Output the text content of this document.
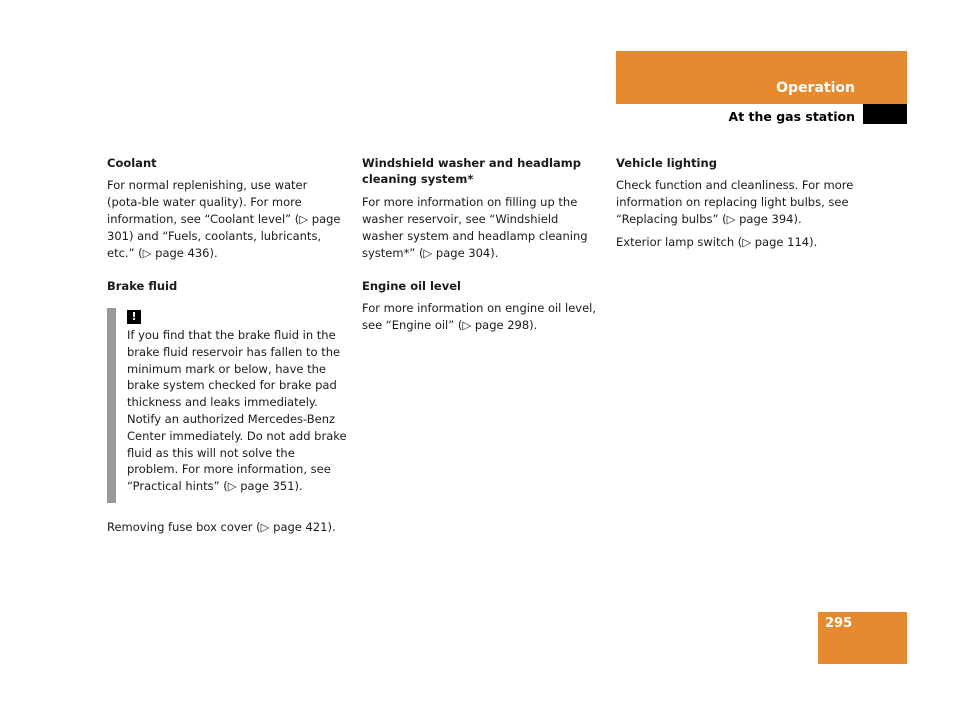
Operation
At the gas station
Coolant
For normal replenishing, use water (pota-ble water quality). For more information, see “Coolant level” (▷ page 301) and “Fuels, coolants, lubricants, etc.” (▷ page 436).
Brake fluid
!
If you find that the brake fluid in the brake fluid reservoir has fallen to the minimum mark or below, have the brake system checked for brake pad thickness and leaks immediately. Notify an authorized Mercedes-Benz Center immediately. Do not add brake fluid as this will not solve the problem. For more information, see “Practical hints” (▷ page 351).
Removing fuse box cover (▷ page 421).
Windshield washer and headlamp cleaning system*
For more information on filling up the washer reservoir, see “Windshield washer system and headlamp cleaning system*” (▷ page 304).
Engine oil level
For more information on engine oil level, see “Engine oil” (▷ page 298).
Vehicle lighting
Check function and cleanliness. For more information on replacing light bulbs, see “Replacing bulbs” (▷ page 394).
Exterior lamp switch (▷ page 114).
295
